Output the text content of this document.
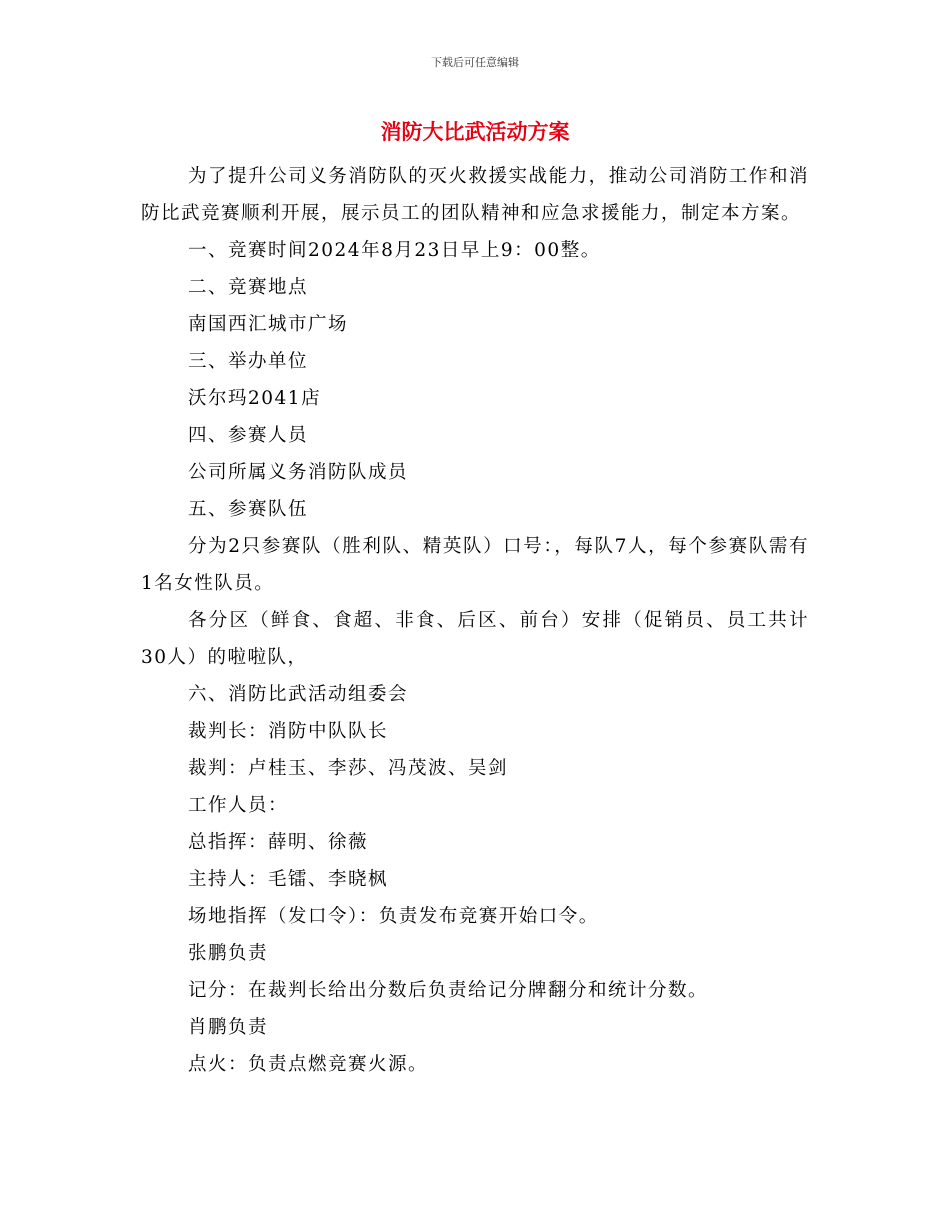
下载后可任意编辑
消防大比武活动方案

为了提升公司义务消防队的灭火救援实战能力，推动公司消防工作和消防比武竞赛顺利开展，展示员工的团队精神和应急求援能力，制定本方案。

一、竞赛时间2024年8月23日早上9：00整。

二、竞赛地点

南国西汇城市广场

三、举办单位

沃尔玛2041店

四、参赛人员

公司所属义务消防队成员

五、参赛队伍

分为2只参赛队（胜利队、精英队）口号：，每队7人，每个参赛队需有1名女性队员。

各分区（鲜食、食超、非食、后区、前台）安排（促销员、员工共计30人）的啦啦队，

六、消防比武活动组委会

裁判长：消防中队队长

裁判：卢桂玉、李莎、冯茂波、吴剑

工作人员：

总指挥：薛明、徐薇

主持人：毛镭、李晓枫

场地指挥（发口令）：负责发布竞赛开始口令。

张鹏负责

记分：在裁判长给出分数后负责给记分牌翻分和统计分数。

肖鹏负责

点火：负责点燃竞赛火源。
